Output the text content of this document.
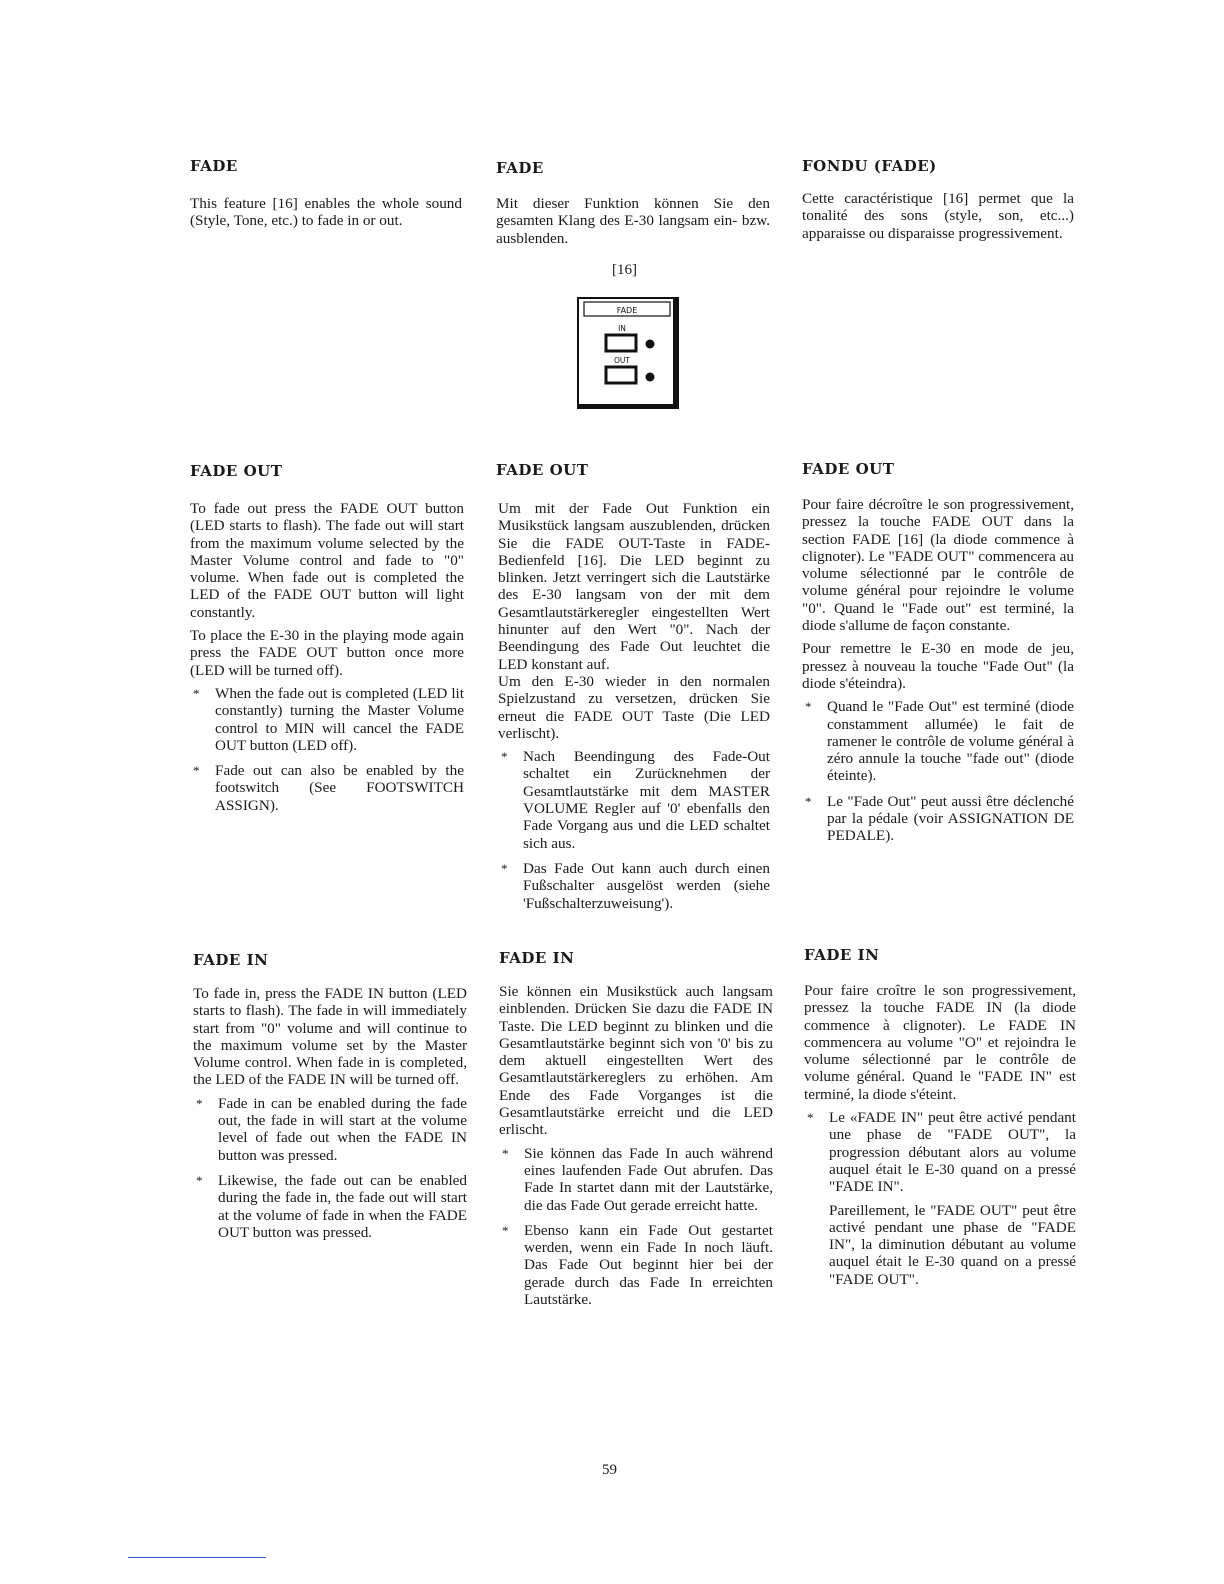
FADE	FADE	FONDU (FADE)

This feature [16] enables the whole sound (Style, Tone, etc.) to fade in or out.

Mit dieser Funktion können Sie den gesamten Klang des E-30 langsam ein- bzw. ausblenden.

Cette caractéristique [16] permet que la tonalité des sons (style, son, etc...) apparaisse ou disparaisse progressivement.

[16]
FADE
IN
OUT
FADE OUT	FADE OUT	FADE OUT

To fade out press the FADE OUT button (LED starts to flash). The fade out will start from the maximum volume selected by the Master Volume control and fade to "0" volume. When fade out is completed the LED of the FADE OUT button will light constantly.

To place the E-30 in the playing mode again press the FADE OUT button once more (LED will be turned off).

* When the fade out is completed (LED lit constantly) turning the Master Volume control to MIN will cancel the FADE OUT button (LED off).
* Fade out can also be enabled by the footswitch (See FOOTSWITCH ASSIGN).

Um mit der Fade Out Funktion ein Musikstück langsam auszublenden, drücken Sie die FADE OUT-Taste in FADE-Bedienfeld [16]. Die LED beginnt zu blinken. Jetzt verringert sich die Lautstärke des E-30 langsam von der mit dem Gesamtlautstärkeregler eingestellten Wert hinunter auf den Wert "0". Nach der Beendingung des Fade Out leuchtet die LED konstant auf.

Um den E-30 wieder in den normalen Spielzustand zu versetzen, drücken Sie erneut die FADE OUT Taste (Die LED verlischt).

* Nach Beendingung des Fade-Out schaltet ein Zurücknehmen der Gesamtlautstärke mit dem MASTER VOLUME Regler auf '0' ebenfalls den Fade Vorgang aus und die LED schaltet sich aus.
* Das Fade Out kann auch durch einen Fußschalter ausgelöst werden (siehe 'Fußschalterzuweisung').

Pour faire décroître le son progressivement, pressez la touche FADE OUT dans la section FADE [16] (la diode commence à clignoter). Le "FADE OUT" commencera au volume sélectionné par le contrôle de volume général pour rejoindre le volume "0". Quand le "Fade out" est terminé, la diode s'allume de façon constante.

Pour remettre le E-30 en mode de jeu, pressez à nouveau la touche "Fade Out" (la diode s'éteindra).

* Quand le "Fade Out" est terminé (diode constamment allumée) le fait de ramener le contrôle de volume général à zéro annule la touche "fade out" (diode éteinte).
* Le "Fade Out" peut aussi être déclenché par la pédale (voir ASSIGNATION DE PEDALE).
FADE IN	FADE IN	FADE IN

To fade in, press the FADE IN button (LED starts to flash). The fade in will immediately start from "0" volume and will continue to the maximum volume set by the Master Volume control. When fade in is completed, the LED of the FADE IN will be turned off.

* Fade in can be enabled during the fade out, the fade in will start at the volume level of fade out when the FADE IN button was pressed.
* Likewise, the fade out can be enabled during the fade in, the fade out will start at the volume of fade in when the FADE OUT button was pressed.

Sie können ein Musikstück auch langsam einblenden. Drücken Sie dazu die FADE IN Taste. Die LED beginnt zu blinken und die Gesamtlautstärke beginnt sich von '0' bis zu dem aktuell eingestellten Wert des Gesamtlautstärkereglers zu erhöhen. Am Ende des Fade Vorganges ist die Gesamtlautstärke erreicht und die LED erlischt.

* Sie können das Fade In auch während eines laufenden Fade Out abrufen. Das Fade In startet dann mit der Lautstärke, die das Fade Out gerade erreicht hatte.
* Ebenso kann ein Fade Out gestartet werden, wenn ein Fade In noch läuft. Das Fade Out beginnt hier bei der gerade durch das Fade In erreichten Lautstärke.

Pour faire croître le son progressivement, pressez la touche FADE IN (la diode commence à clignoter). Le FADE IN commencera au volume "O" et rejoindra le volume sélectionné par le contrôle de volume général. Quand le "FADE IN" est terminé, la diode s'éteint.

* Le «FADE IN" peut être activé pendant une phase de "FADE OUT", la progression débutant alors au volume auquel était le E-30 quand on a pressé "FADE IN".
Pareillement, le "FADE OUT" peut être activé pendant une phase de "FADE IN", la diminution débutant au volume auquel était le E-30 quand on a pressé "FADE OUT".
59
